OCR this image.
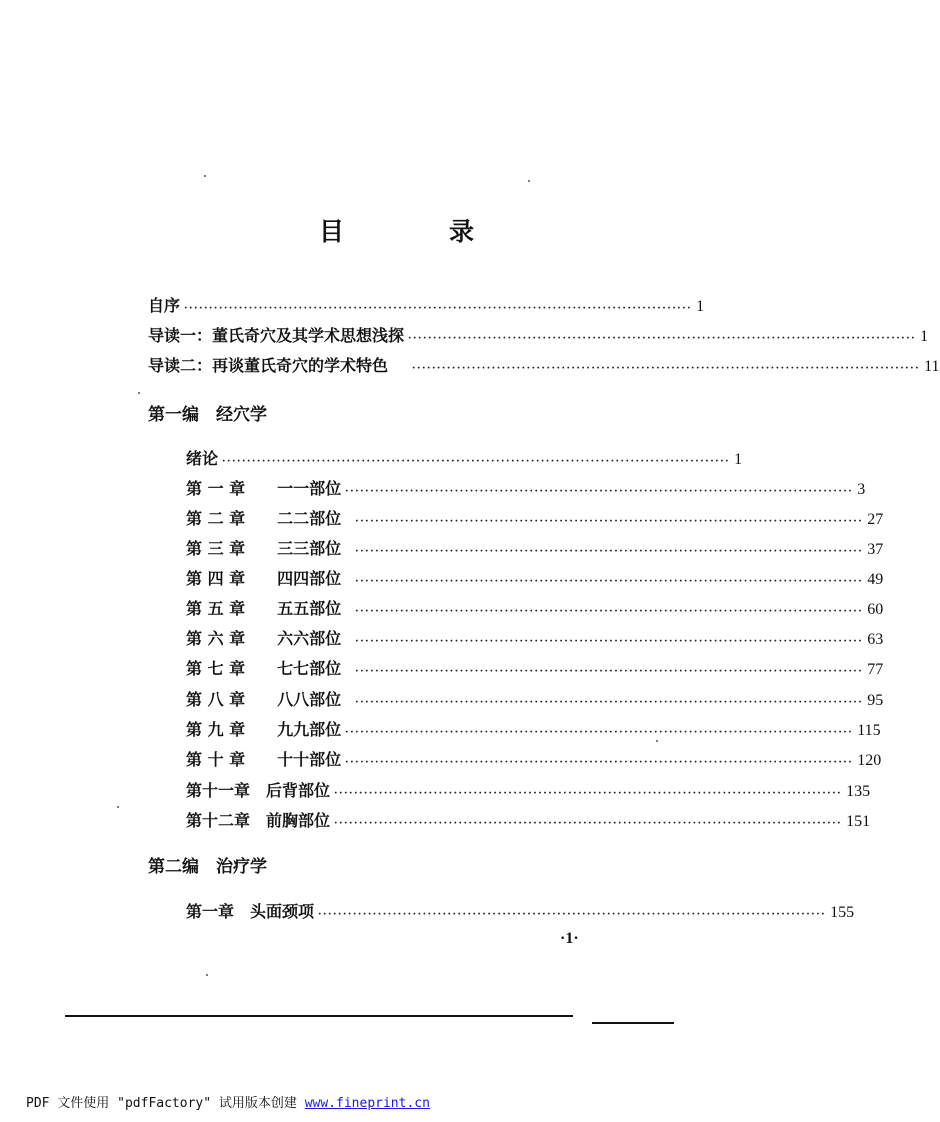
目　录
自序 ······································································································ 1
导读一：董氏奇穴及其学术思想浅探 ······································································································ 1
导读二：再谈董氏奇穴的学术特色 ······································································································ 11
第一编　经穴学
绪论 ······································································································ 1
第 一 章　　一一部位 ······································································································ 3
第 二 章　　二二部位 ······································································································ 27
第 三 章　　三三部位 ······································································································ 37
第 四 章　　四四部位 ······································································································ 49
第 五 章　　五五部位 ······································································································ 60
第 六 章　　六六部位 ······································································································ 63
第 七 章　　七七部位 ······································································································ 77
第 八 章　　八八部位 ······································································································ 95
第 九 章　　九九部位 ······································································································ 115
第 十 章　　十十部位 ······································································································ 120
第十一章　后背部位 ······································································································ 135
第十二章　前胸部位 ······································································································ 151
第二编　治疗学
第一章　头面颈项 ······································································································ 155
·1·
PDF 文件使用 "pdfFactory" 试用版本创建 www.fineprint.cn
